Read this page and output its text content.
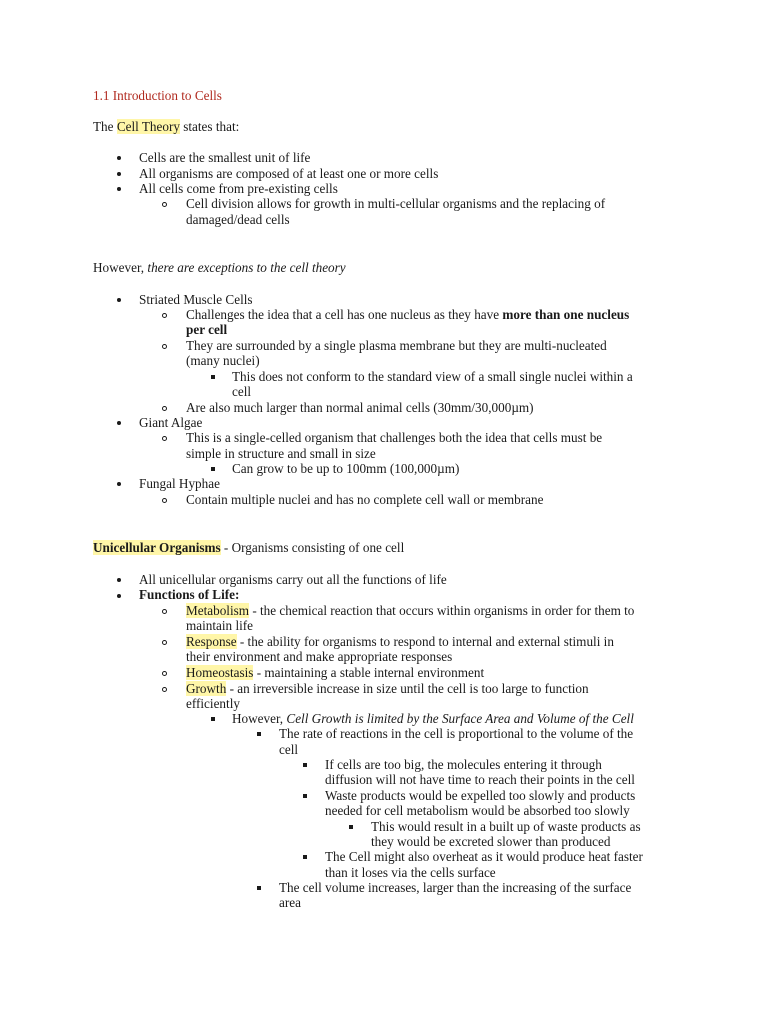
1.1 Introduction to Cells
The Cell Theory states that:
Cells are the smallest unit of life
All organisms are composed of at least one or more cells
All cells come from pre-existing cells
Cell division allows for growth in multi-cellular organisms and the replacing of
damaged/dead cells
However, there are exceptions to the cell theory
Striated Muscle Cells
Challenges the idea that a cell has one nucleus as they have more than one nucleus
per cell
They are surrounded by a single plasma membrane but they are multi-nucleated
(many nuclei)
This does not conform to the standard view of a small single nuclei within a
cell
Are also much larger than normal animal cells (30mm/30,000µm)
Giant Algae
This is a single-celled organism that challenges both the idea that cells must be
simple in structure and small in size
Can grow to be up to 100mm (100,000µm)
Fungal Hyphae
Contain multiple nuclei and has no complete cell wall or membrane
Unicellular Organisms - Organisms consisting of one cell
All unicellular organisms carry out all the functions of life
Functions of Life:
Metabolism - the chemical reaction that occurs within organisms in order for them to
maintain life
Response - the ability for organisms to respond to internal and external stimuli in
their environment and make appropriate responses
Homeostasis - maintaining a stable internal environment
Growth - an irreversible increase in size until the cell is too large to function
efficiently
However, Cell Growth is limited by the Surface Area and Volume of the Cell
The rate of reactions in the cell is proportional to the volume of the
cell
If cells are too big, the molecules entering it through
diffusion will not have time to reach their points in the cell
Waste products would be expelled too slowly and products
needed for cell metabolism would be absorbed too slowly
This would result in a built up of waste products as
they would be excreted slower than produced
The Cell might also overheat as it would produce heat faster
than it loses via the cells surface
The cell volume increases, larger than the increasing of the surface
area
